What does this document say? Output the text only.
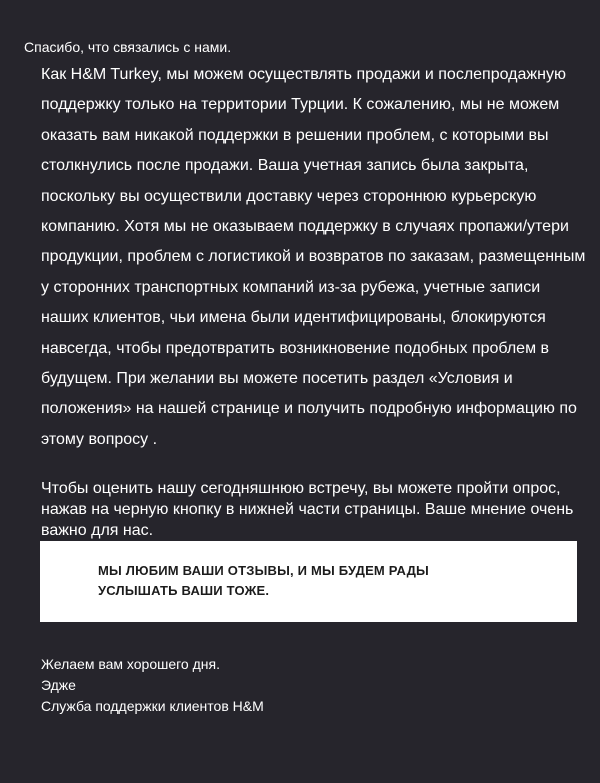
Спасибо, что связались с нами.

Как H&M Turkey, мы можем осуществлять продажи и послепродажную поддержку только на территории Турции. К сожалению, мы не можем оказать вам никакой поддержки в решении проблем, с которыми вы столкнулись после продажи. Ваша учетная запись была закрыта, поскольку вы осуществили доставку через стороннюю курьерскую компанию. Хотя мы не оказываем поддержку в случаях пропажи/утери продукции, проблем с логистикой и возвратов по заказам, размещенным у сторонних транспортных компаний из-за рубежа, учетные записи наших клиентов, чьи имена были идентифицированы, блокируются навсегда, чтобы предотвратить возникновение подобных проблем в будущем. При желании вы можете посетить раздел «Условия и положения» на нашей странице и получить подробную информацию по этому вопросу .

Чтобы оценить нашу сегодняшнюю встречу, вы можете пройти опрос, нажав на черную кнопку в нижней части страницы. Ваше мнение очень важно для нас.

МЫ ЛЮБИМ ВАШИ ОТЗЫВЫ, И МЫ БУДЕМ РАДЫ УСЛЫШАТЬ ВАШИ ТОЖЕ.
Желаем вам хорошего дня.
Эдже
Служба поддержки клиентов H&M
